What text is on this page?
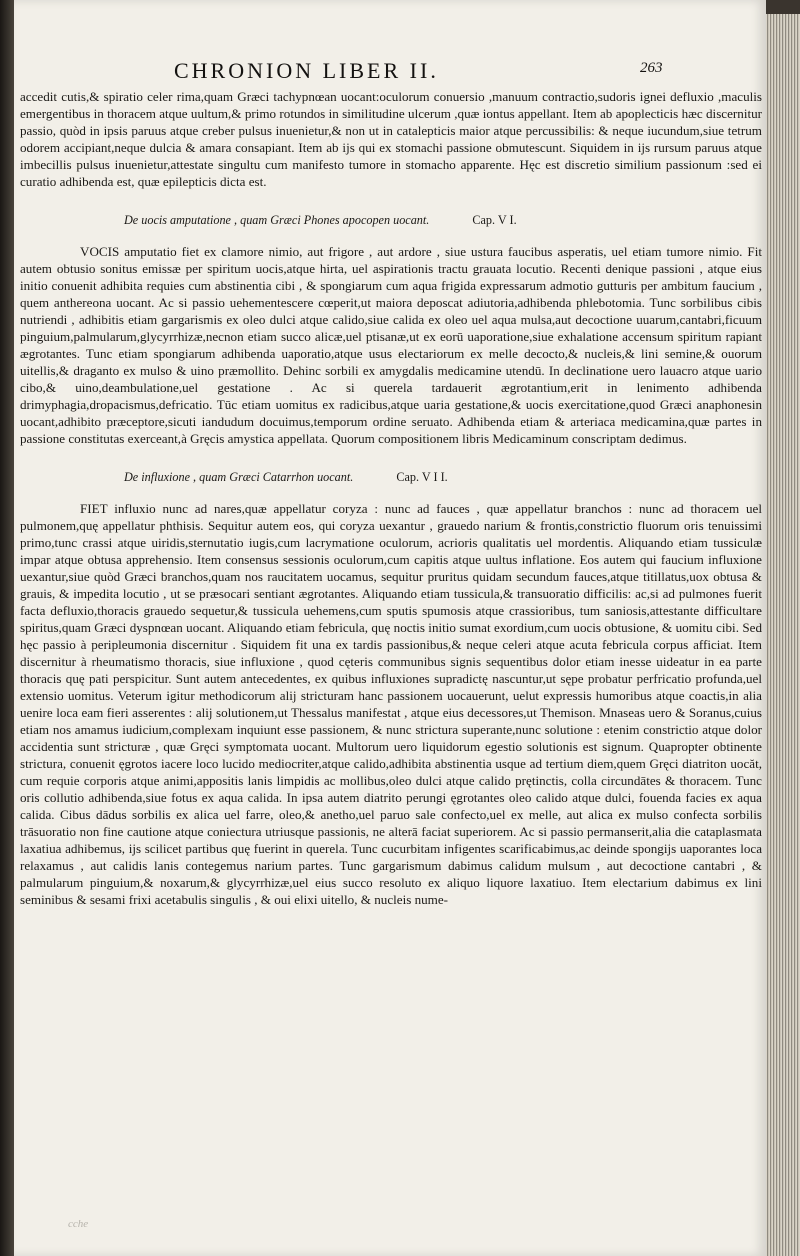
CHRONION LIBER II.	263

accedit cutis,& spiratio celer rima,quam Græci tachypnœan uocant:oculorum conuersio ,manuum contractio,sudoris ignei defluxio ,maculis emergentibus in thoracem atque uultum,& primo rotundos in similitudine ulcerum ,quæ iontus appellant. Item ab apoplecticis hæc discernitur passio, quòd in ipsis paruus atque creber pulsus inuenietur,& non ut in catalepticis maior atque percussibilis: & neque iucundum,siue tetrum odorem accipiant,neque dulcia & amara consapiant. Item ab ijs qui ex stomachi passione obmutescunt. Siquidem in ijs rursum paruus atque imbecillis pulsus inuenietur,attestate singultu cum manifesto tumore in stomacho apparente. Hęc est discretio similium passionum :sed ei curatio adhibenda est, quæ epilepticis dicta est.

De uocis amputatione , quam Græci Phones apocopen uocant.	Cap. V I.

VOCIS amputatio fiet ex clamore nimio, aut frigore , aut ardore , siue ustura faucibus asperatis, uel etiam tumore nimio. Fit autem obtusio sonitus emissæ per spiritum uocis,atque hirta, uel aspirationis tractu grauata locutio. Recenti denique passioni , atque eius initio conuenit adhibita requies cum abstinentia cibi , & spongiarum cum aqua frigida expressarum admotio gutturis per ambitum faucium , quem anthereona uocant. Ac si passio uehementescere cœperit,ut maiora deposcat adiutoria,adhibenda phlebotomia. Tunc sorbilibus cibis nutriendi , adhibitis etiam gargarismis ex oleo dulci atque calido,siue calida ex oleo uel aqua mulsa,aut decoctione uuarum,cantabri,ficuum pinguium,palmularum,glycyrrhizæ,necnon etiam succo alicæ,uel ptisanæ,ut ex eorū uaporatione,siue exhalatione accensum spiritum rapiant ægrotantes. Tunc etiam spongiarum adhibenda uaporatio,atque usus electariorum ex melle decocto,& nucleis,& lini semine,& ouorum uitellis,& draganto ex mulso & uino præmollito. Dehinc sorbili ex amygdalis medicamine utendū. In declinatione uero lauacro atque uario cibo,& uino,deambulatione,uel gestatione . Ac si querela tardauerit ægrotantium,erit in lenimento adhibenda drimyphagia,dropacismus,defricatio. Tūc etiam uomitus ex radicibus,atque uaria gestatione,& uocis exercitatione,quod Græci anaphonesin uocant,adhibito præceptore,sicuti iandudum docuimus,temporum ordine seruato. Adhibenda etiam & arteriaca medicamina,quæ partes in passione constitutas exerceant,à Gręcis amystica appellata. Quorum compositionem libris Medicaminum conscriptam dedimus.

De influxione , quam Græci Catarrhon uocant.	Cap. V I I.

FIET influxio nunc ad nares,quæ appellatur coryza : nunc ad fauces , quæ appellatur branchos : nunc ad thoracem uel pulmonem,quę appellatur phthisis. Sequitur autem eos, qui coryza uexantur , grauedo narium & frontis,constrictio fluorum oris tenuissimi primo,tunc crassi atque uiridis,sternutatio iugis,cum lacrymatione oculorum, acrioris qualitatis uel mordentis. Aliquando etiam tussiculæ impar atque obtusa apprehensio. Item consensus sessionis oculorum,cum capitis atque uultus inflatione. Eos autem qui faucium influxione uexantur,siue quòd Græci branchos,quam nos raucitatem uocamus, sequitur pruritus quidam secundum fauces,atque titillatus,uox obtusa & grauis, & impedita locutio , ut se præsocari sentiant ægrotantes. Aliquando etiam tussicula,& transuoratio difficilis: ac,si ad pulmones fuerit facta defluxio,thoracis grauedo sequetur,& tussicula uehemens,cum sputis spumosis atque crassioribus, tum saniosis,attestante difficultare spiritus,quam Græci dyspnœan uocant. Aliquando etiam febricula, quę noctis initio sumat exordium,cum uocis obtusione, & uomitu cibi. Sed hęc passio à peripleumonia discernitur . Siquidem fit una ex tardis passionibus,& neque celeri atque acuta febricula corpus afficiat. Item discernitur à rheumatismo thoracis, siue influxione , quod cęteris communibus signis sequentibus dolor etiam inesse uideatur in ea parte thoracis quę pati perspicitur. Sunt autem antecedentes, ex quibus influxiones supradictę nascuntur,ut sępe probatur perfricatio profunda,uel extensio uomitus. Veterum igitur methodicorum alij stricturam hanc passionem uocauerunt, uelut expressis humoribus atque coactis,in alia uenire loca eam fieri asserentes : alij solutionem,ut Thessalus manifestat , atque eius decessores,ut Themison. Mnaseas uero & Soranus,cuius etiam nos amamus iudicium,complexam inquiunt esse passionem, & nunc strictura superante,nunc solutione : etenim constrictio atque dolor accidentia sunt stricturæ , quæ Gręci symptomata uocant. Multorum uero liquidorum egestio solutionis est signum. Quapropter obtinente strictura, conuenit ęgrotos iacere loco lucido mediocriter,atque calido,adhibita abstinentia usque ad tertium diem,quem Gręci diatriton uocăt, cum requie corporis atque animi,appositis lanis limpidis ac mollibus,oleo dulci atque calido prętinctis, colla circundātes & thoracem. Tunc oris collutio adhibenda,siue fotus ex aqua calida. In ipsa autem diatrito perungi ęgrotantes oleo calido atque dulci, fouenda facies ex aqua calida. Cibus dādus sorbilis ex alica uel farre, oleo,& anetho,uel paruo sale confecto,uel ex melle, aut alica ex mulso confecta sorbilis trāsuoratio non fine cautione atque coniectura utriusque passionis, ne alterā faciat superiorem. Ac si passio permanserit,alia die cataplasmata laxatiua adhibemus, ijs scilicet partibus quę fuerint in querela. Tunc cucurbitam infigentes scarificabimus,ac deinde spongijs uaporantes loca relaxamus , aut calidis lanis contegemus narium partes. Tunc gargarismum dabimus calidum mulsum , aut decoctione cantabri , & palmularum pinguium,& noxarum,& glycyrrhizæ,uel eius succo resoluto ex aliquo liquore laxatiuo. Item electarium dabimus ex lini seminibus & sesami frixi acetabulis singulis , & oui elixi uitello, & nucleis nume-

cche
